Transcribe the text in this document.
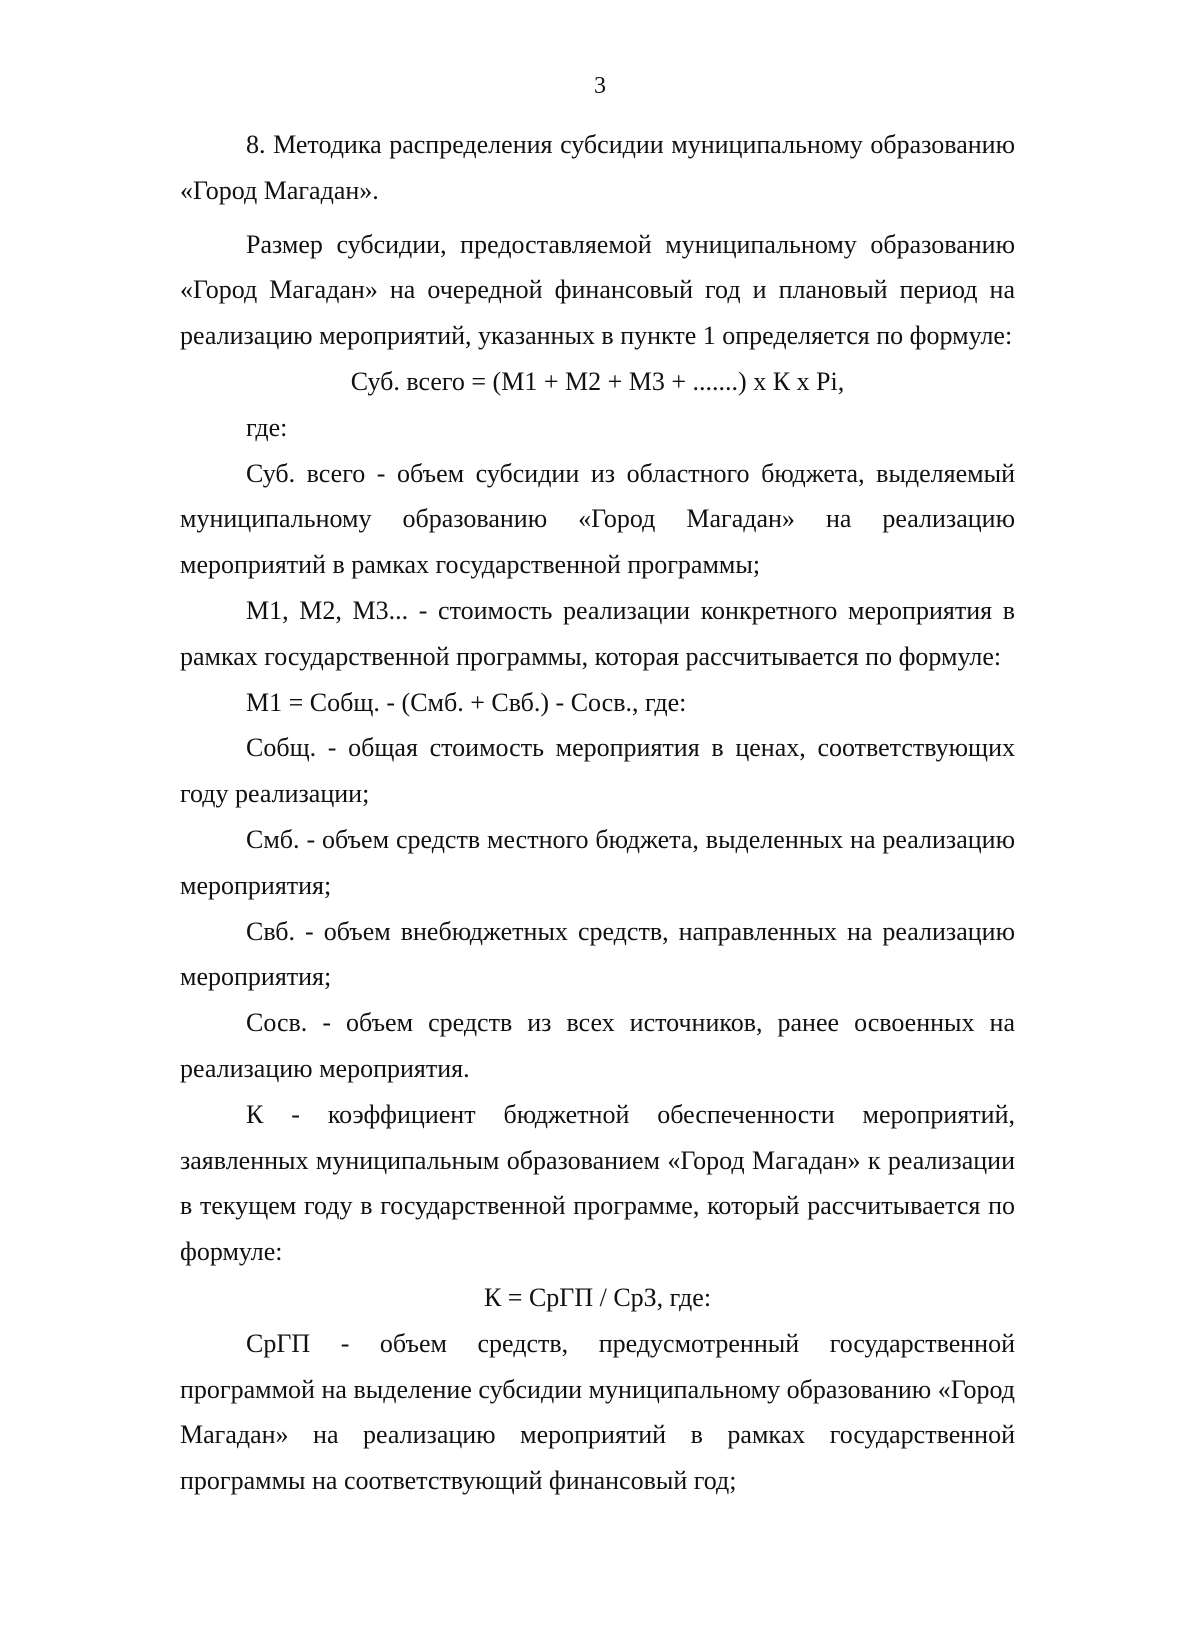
3

8. Методика распределения субсидии муниципальному образованию «Город Магадан».

Размер субсидии, предоставляемой муниципальному образованию «Город Магадан» на очередной финансовый год и плановый период на реализацию мероприятий, указанных в пункте 1 определяется по формуле:

Суб. всего = (М1 + М2 + М3 + .......) x К x Pi,

где:

Суб. всего - объем субсидии из областного бюджета, выделяемый муниципальному образованию «Город Магадан» на реализацию мероприятий в рамках государственной программы;

М1, М2, М3... - стоимость реализации конкретного мероприятия в рамках государственной программы, которая рассчитывается по формуле:

М1 = Собщ. - (Смб. + Свб.) - Сосв., где:

Собщ. - общая стоимость мероприятия в ценах, соответствующих году реализации;

Смб. - объем средств местного бюджета, выделенных на реализацию мероприятия;

Свб. - объем внебюджетных средств, направленных на реализацию мероприятия;

Сосв. - объем средств из всех источников, ранее освоенных на реализацию мероприятия.

К - коэффициент бюджетной обеспеченности мероприятий, заявленных муниципальным образованием «Город Магадан» к реализации в текущем году в государственной программе, который рассчитывается по формуле:

К = СрГП / СрЗ, где:

СрГП - объем средств, предусмотренный государственной программой на выделение субсидии муниципальному образованию «Город Магадан» на реализацию мероприятий в рамках государственной программы на соответствующий финансовый год;
